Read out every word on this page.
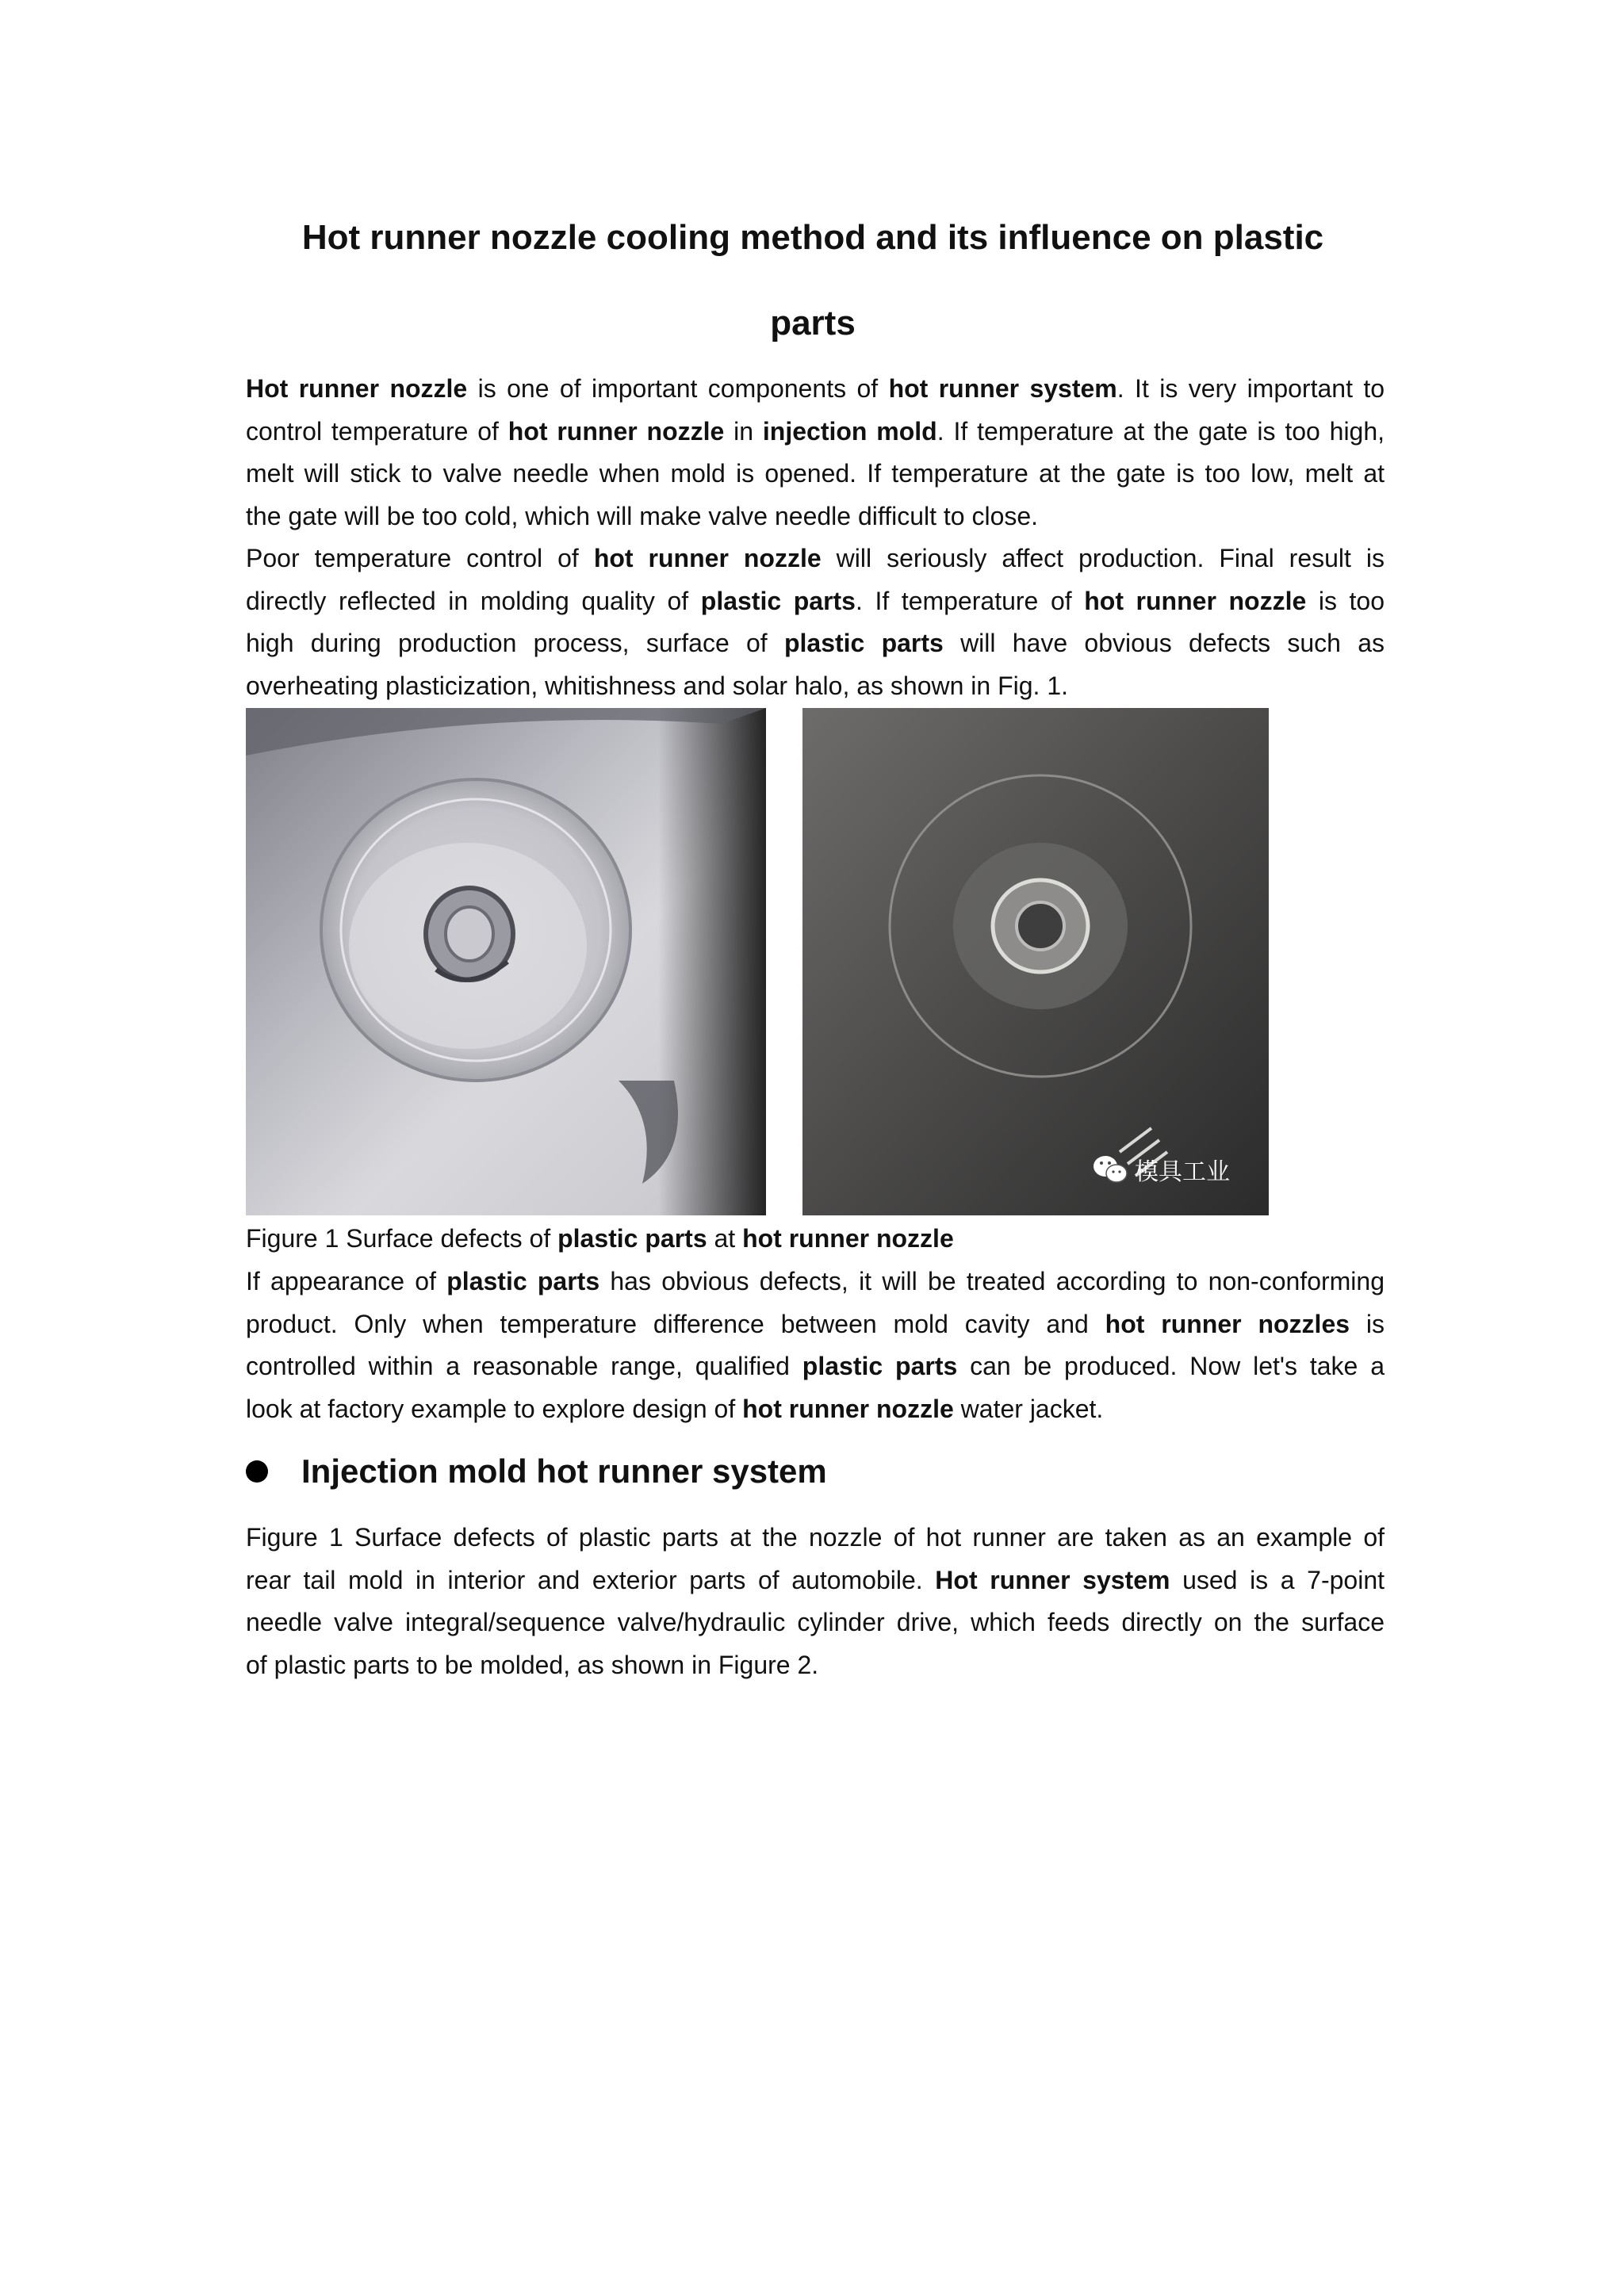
Hot runner nozzle cooling method and its influence on plastic
parts

Hot runner nozzle is one of important components of hot runner system. It is very important to
control temperature of hot runner nozzle in injection mold. If temperature at the gate is too high,
melt will stick to valve needle when mold is opened. If temperature at the gate is too low, melt at
the gate will be too cold, which will make valve needle difficult to close.

Poor temperature control of hot runner nozzle will seriously affect production. Final result is
directly reflected in molding quality of plastic parts. If temperature of hot runner nozzle is too
high during production process, surface of plastic parts will have obvious defects such as
overheating plasticization, whitishness and solar halo, as shown in Fig. 1.

模具工业

Figure 1 Surface defects of plastic parts at hot runner nozzle

If appearance of plastic parts has obvious defects, it will be treated according to non-conforming
product. Only when temperature difference between mold cavity and hot runner nozzles is
controlled within a reasonable range, qualified plastic parts can be produced. Now let's take a
look at factory example to explore design of hot runner nozzle water jacket.

Injection mold hot runner system

Figure 1 Surface defects of plastic parts at the nozzle of hot runner are taken as an example of
rear tail mold in interior and exterior parts of automobile. Hot runner system used is a 7-point
needle valve integral/sequence valve/hydraulic cylinder drive, which feeds directly on the surface
of plastic parts to be molded, as shown in Figure 2.
